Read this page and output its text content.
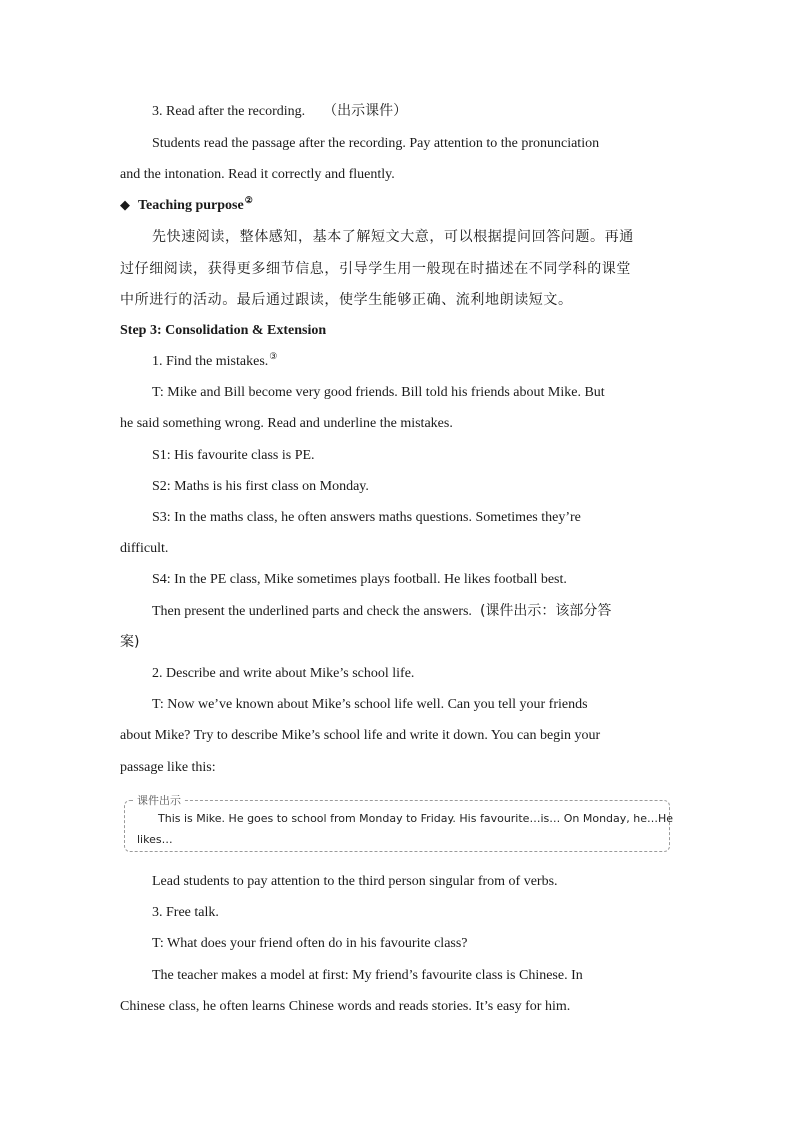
3. Read after the recording. （出示课件）
Students read the passage after the recording. Pay attention to the pronunciation
and the intonation. Read it correctly and fluently.
◆ Teaching purpose②
先快速阅读，整体感知，基本了解短文大意，可以根据提问回答问题。再通
过仔细阅读，获得更多细节信息，引导学生用一般现在时描述在不同学科的课堂
中所进行的活动。最后通过跟读，使学生能够正确、流利地朗读短文。
Step 3: Consolidation & Extension
1. Find the mistakes.③
T: Mike and Bill become very good friends. Bill told his friends about Mike. But
he said something wrong. Read and underline the mistakes.
S1: His favourite class is PE.
S2: Maths is his first class on Monday.
S3: In the maths class, he often answers maths questions. Sometimes they’re
difficult.
S4: In the PE class, Mike sometimes plays football. He likes football best.
Then present the underlined parts and check the answers. (课件出示：该部分答
案)
2. Describe and write about Mike’s school life.
T: Now we’ve known about Mike’s school life well. Can you tell your friends
about Mike? Try to describe Mike’s school life and write it down. You can begin your
passage like this:
课件出示
This is Mike. He goes to school from Monday to Friday. His favourite…is… On Monday, he…He
likes…
Lead students to pay attention to the third person singular from of verbs.
3. Free talk.
T: What does your friend often do in his favourite class?
The teacher makes a model at first: My friend’s favourite class is Chinese. In
Chinese class, he often learns Chinese words and reads stories. It’s easy for him.
